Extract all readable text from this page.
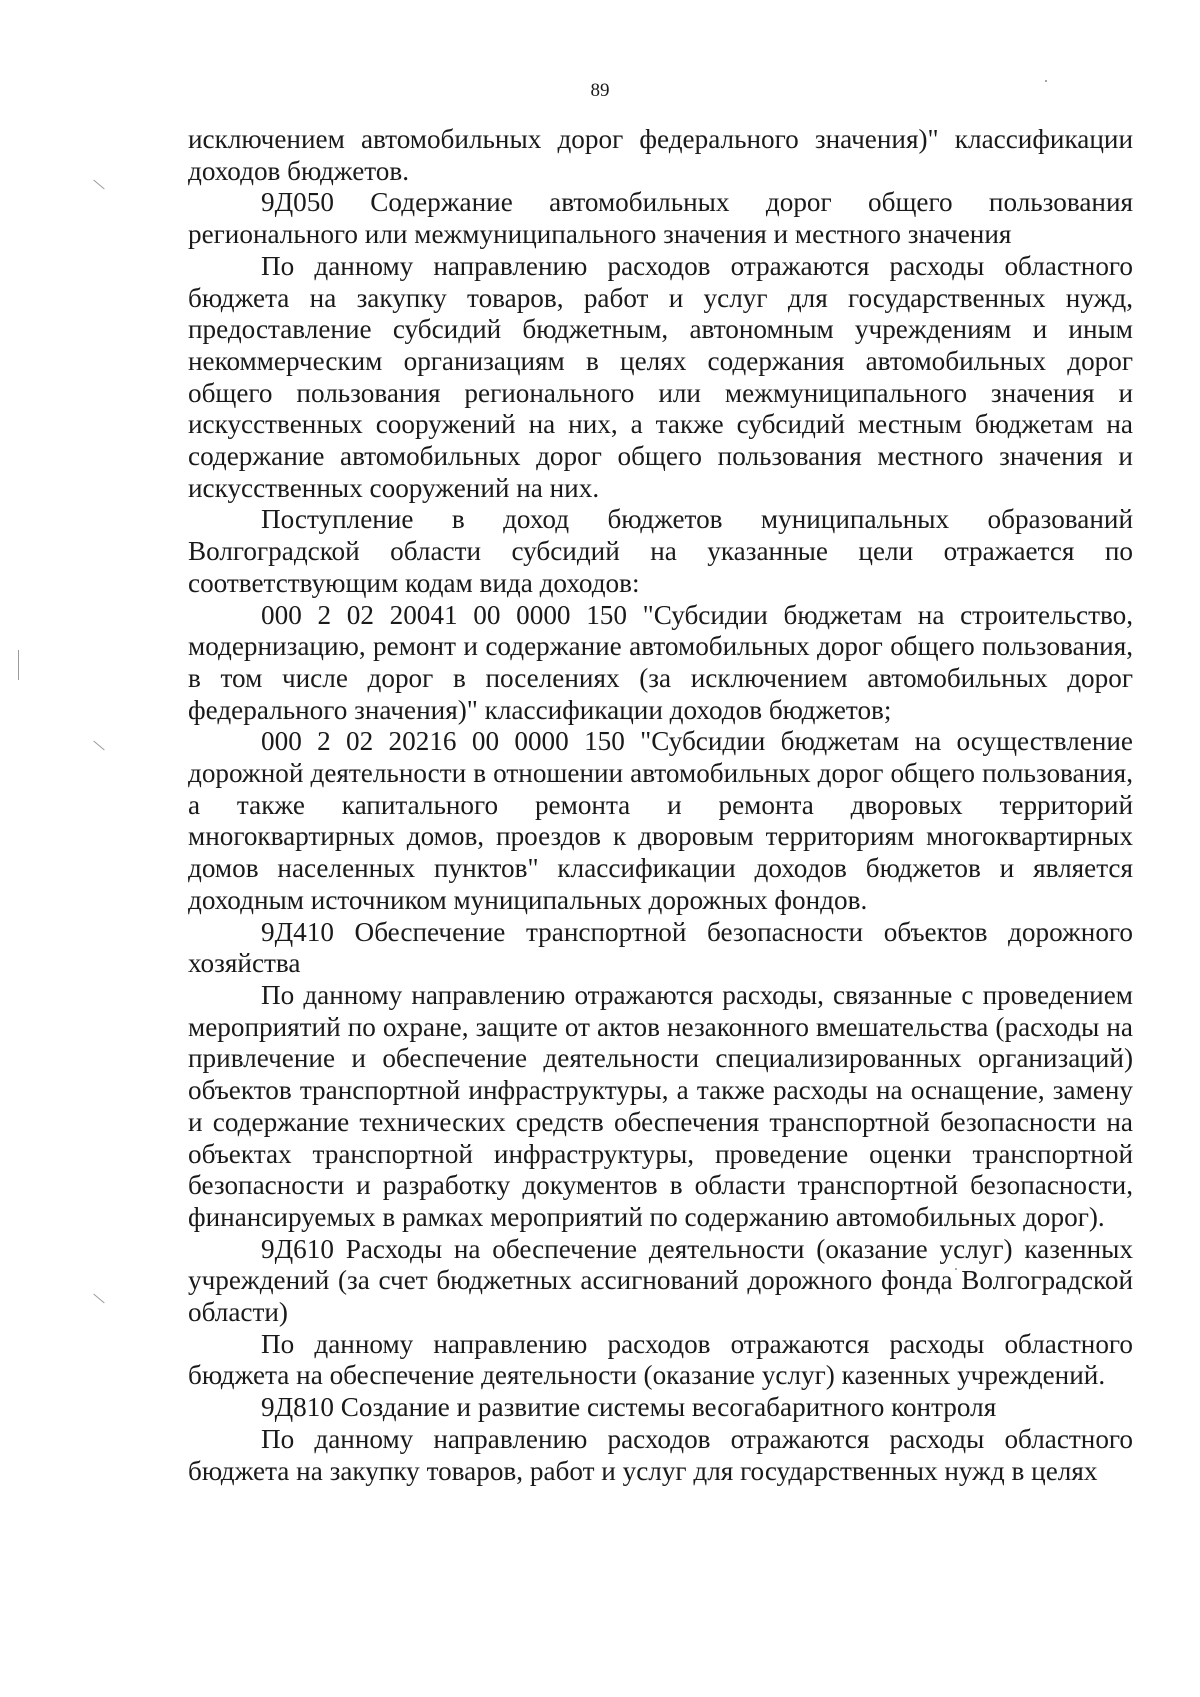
89

исключением автомобильных дорог федерального значения)" классификации доходов бюджетов.

9Д050 Содержание автомобильных дорог общего пользования регионального или межмуниципального значения и местного значения

По данному направлению расходов отражаются расходы областного бюджета на закупку товаров, работ и услуг для государственных нужд, предоставление субсидий бюджетным, автономным учреждениям и иным некоммерческим организациям в целях содержания автомобильных дорог общего пользования регионального или межмуниципального значения и искусственных сооружений на них, а также субсидий местным бюджетам на содержание автомобильных дорог общего пользования местного значения и искусственных сооружений на них.

Поступление в доход бюджетов муниципальных образований Волгоградской области субсидий на указанные цели отражается по соответствующим кодам вида доходов:

000 2 02 20041 00 0000 150 "Субсидии бюджетам на строительство, модернизацию, ремонт и содержание автомобильных дорог общего пользования, в том числе дорог в поселениях (за исключением автомобильных дорог федерального значения)" классификации доходов бюджетов;

000 2 02 20216 00 0000 150 "Субсидии бюджетам на осуществление дорожной деятельности в отношении автомобильных дорог общего пользования, а также капитального ремонта и ремонта дворовых территорий многоквартирных домов, проездов к дворовым территориям многоквартирных домов населенных пунктов" классификации доходов бюджетов и является доходным источником муниципальных дорожных фондов.

9Д410 Обеспечение транспортной безопасности объектов дорожного хозяйства

По данному направлению отражаются расходы, связанные с проведением мероприятий по охране, защите от актов незаконного вмешательства (расходы на привлечение и обеспечение деятельности специализированных организаций) объектов транспортной инфраструктуры, а также расходы на оснащение, замену и содержание технических средств обеспечения транспортной безопасности на объектах транспортной инфраструктуры, проведение оценки транспортной безопасности и разработку документов в области транспортной безопасности, финансируемых в рамках мероприятий по содержанию автомобильных дорог).

9Д610 Расходы на обеспечение деятельности (оказание услуг) казенных учреждений (за счет бюджетных ассигнований дорожного фонда Волгоградской области)

По данному направлению расходов отражаются расходы областного бюджета на обеспечение деятельности (оказание услуг) казенных учреждений.

9Д810 Создание и развитие системы весогабаритного контроля

По данному направлению расходов отражаются расходы областного бюджета на закупку товаров, работ и услуг для государственных нужд в целях
